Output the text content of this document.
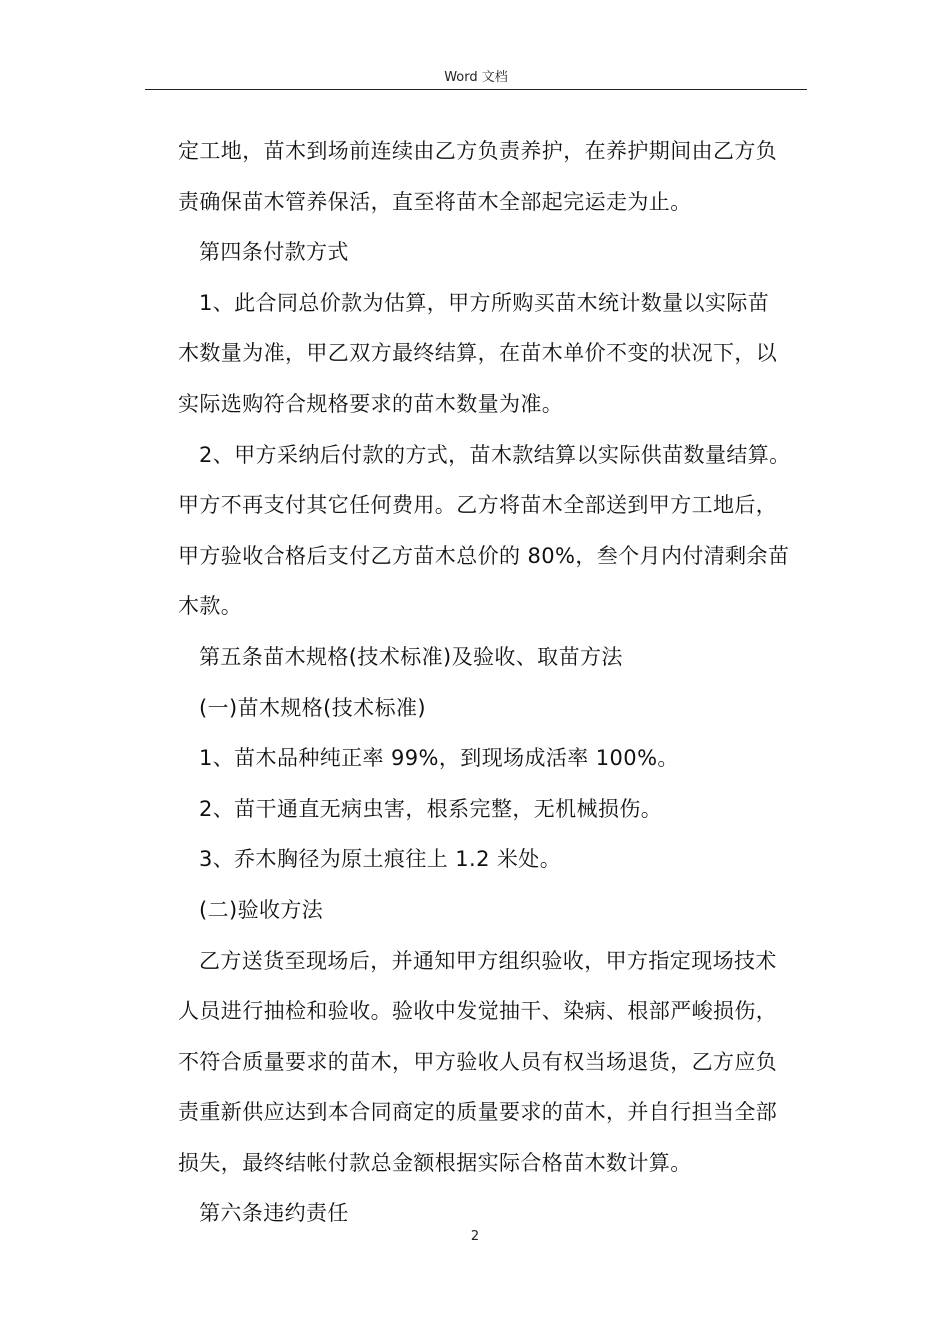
Word 文档
定工地，苗木到场前连续由乙方负责养护，在养护期间由乙方负
责确保苗木管养保活，直至将苗木全部起完运走为止。
第四条付款方式
1、此合同总价款为估算，甲方所购买苗木统计数量以实际苗
木数量为准，甲乙双方最终结算，在苗木单价不变的状况下，以
实际选购符合规格要求的苗木数量为准。
2、甲方采纳后付款的方式，苗木款结算以实际供苗数量结算。
甲方不再支付其它任何费用。乙方将苗木全部送到甲方工地后，
甲方验收合格后支付乙方苗木总价的 80%，叁个月内付清剩余苗
木款。
第五条苗木规格(技术标准)及验收、取苗方法
(一)苗木规格(技术标准)
1、苗木品种纯正率 99%，到现场成活率 100%。
2、苗干通直无病虫害，根系完整，无机械损伤。
3、乔木胸径为原土痕往上 1.2 米处。
(二)验收方法
乙方送货至现场后，并通知甲方组织验收，甲方指定现场技术
人员进行抽检和验收。验收中发觉抽干、染病、根部严峻损伤，
不符合质量要求的苗木，甲方验收人员有权当场退货，乙方应负
责重新供应达到本合同商定的质量要求的苗木，并自行担当全部
损失，最终结帐付款总金额根据实际合格苗木数计算。
第六条违约责任
2
